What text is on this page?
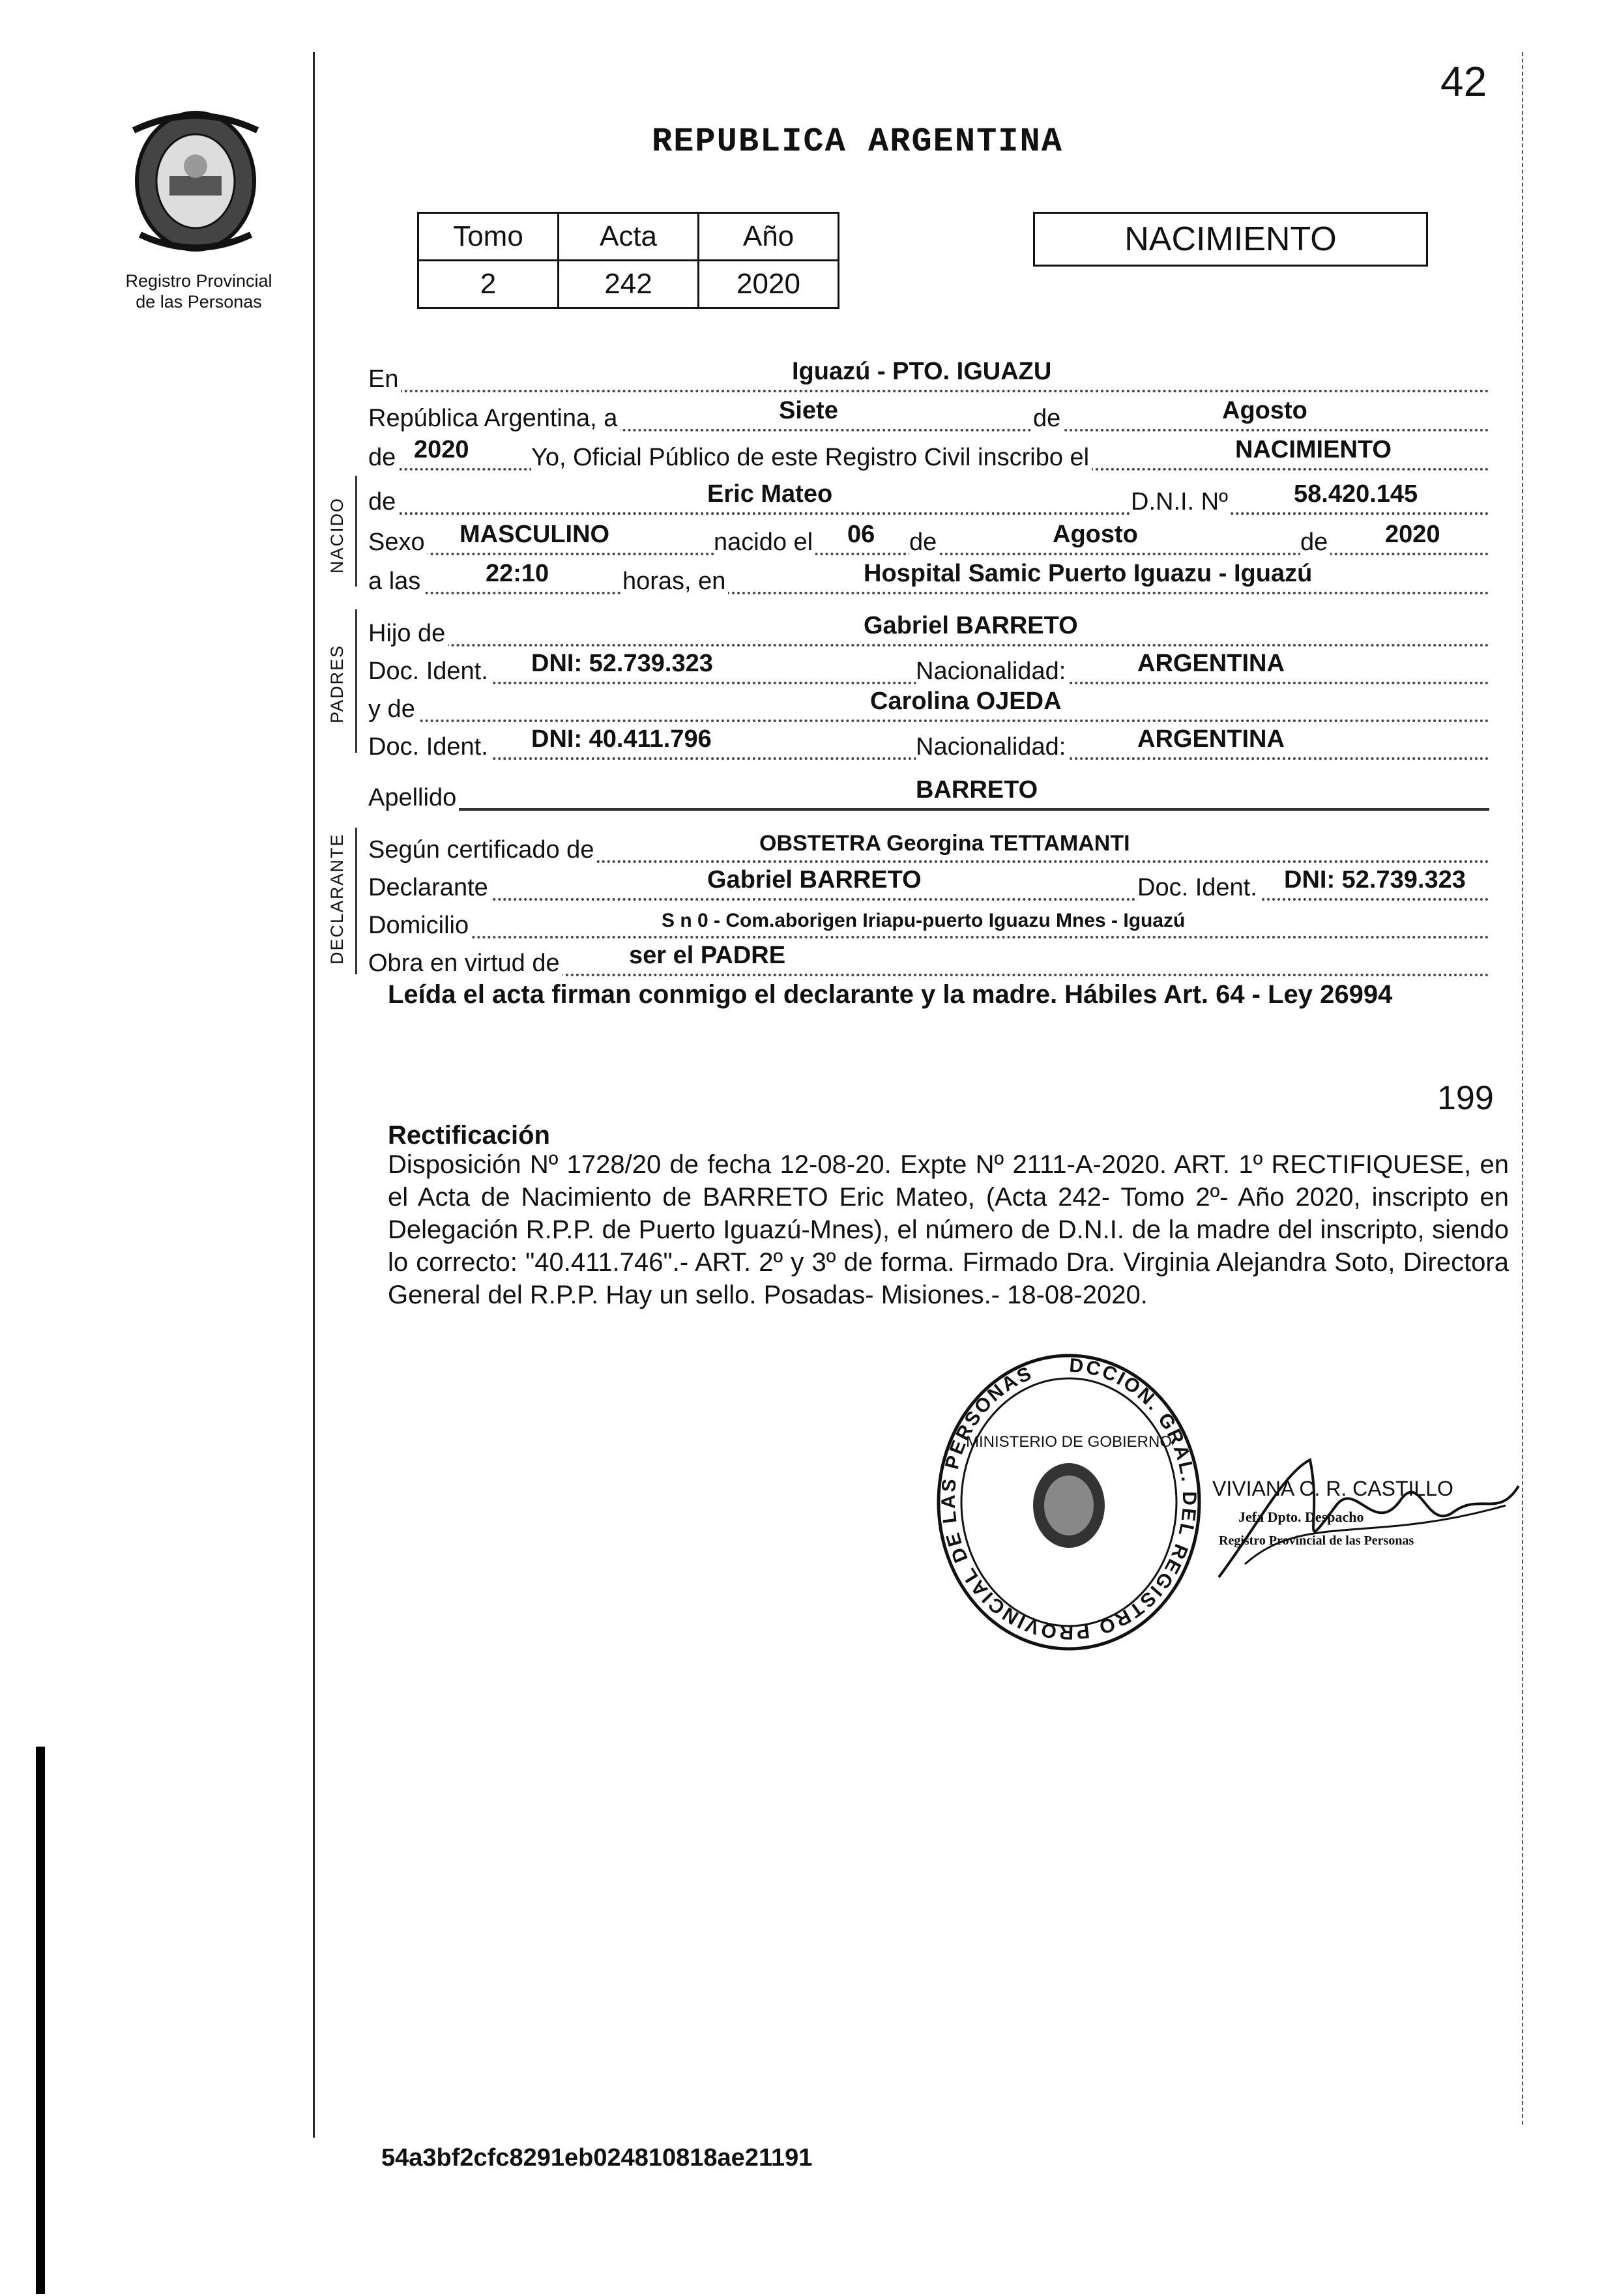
42
Registro Provincial
de las Personas
REPUBLICA ARGENTINA
Tomo	Acta	Año
2	242	2020
NACIMIENTO
En	Iguazú - PTO. IGUAZU
República Argentina, a	Siete	de	Agosto
de 2020	Yo, Oficial Público de este Registro Civil inscribo el	NACIMIENTO
NACIDO de	Eric Mateo	D.N.I. Nº	58.420.145
Sexo MASCULINO	nacido el 06 de	Agosto	de 2020
a las	22:10	horas, en	Hospital Samic Puerto Iguazu - Iguazú
PADRES
Hijo de	Gabriel BARRETO
Doc. Ident. DNI: 52.739.323	Nacionalidad:	ARGENTINA
y de	Carolina OJEDA
Doc. Ident. DNI: 40.411.796	Nacionalidad:	ARGENTINA
Apellido	BARRETO
DECLARANTE Según certificado de	OBSTETRA Georgina TETTAMANTI
Declarante	Gabriel BARRETO	Doc. Ident. DNI: 52.739.323
Domicilio	S n 0 - Com.aborigen Iriapu-puerto Iguazu Mnes - Iguazú
Obra en virtud de	ser el PADRE
Leída el acta firman conmigo el declarante y la madre. Hábiles Art. 64 - Ley 26994
199
Rectificación
Disposición Nº 1728/20 de fecha 12-08-20. Expte Nº 2111-A-2020. ART. 1º RECTIFIQUESE, en el Acta de Nacimiento de BARRETO Eric Mateo, (Acta 242- Tomo 2º- Año 2020, inscripto en Delegación R.P.P. de Puerto Iguazú-Mnes), el número de D.N.I. de la madre del inscripto, siendo lo correcto: "40.411.746".- ART. 2º y 3º de forma. Firmado Dra. Virginia Alejandra Soto, Directora General del R.P.P. Hay un sello. Posadas- Misiones.- 18-08-2020.
DCCION. GRAL. DEL REGISTRO PROVINCIAL DE LAS PERSONAS
MINISTERIO DE GOBIERNO
VIVIANA C. R. CASTILLO
Jefa Dpto. Despacho
Registro Provincial de las Personas
54a3bf2cfc8291eb024810818ae21191
